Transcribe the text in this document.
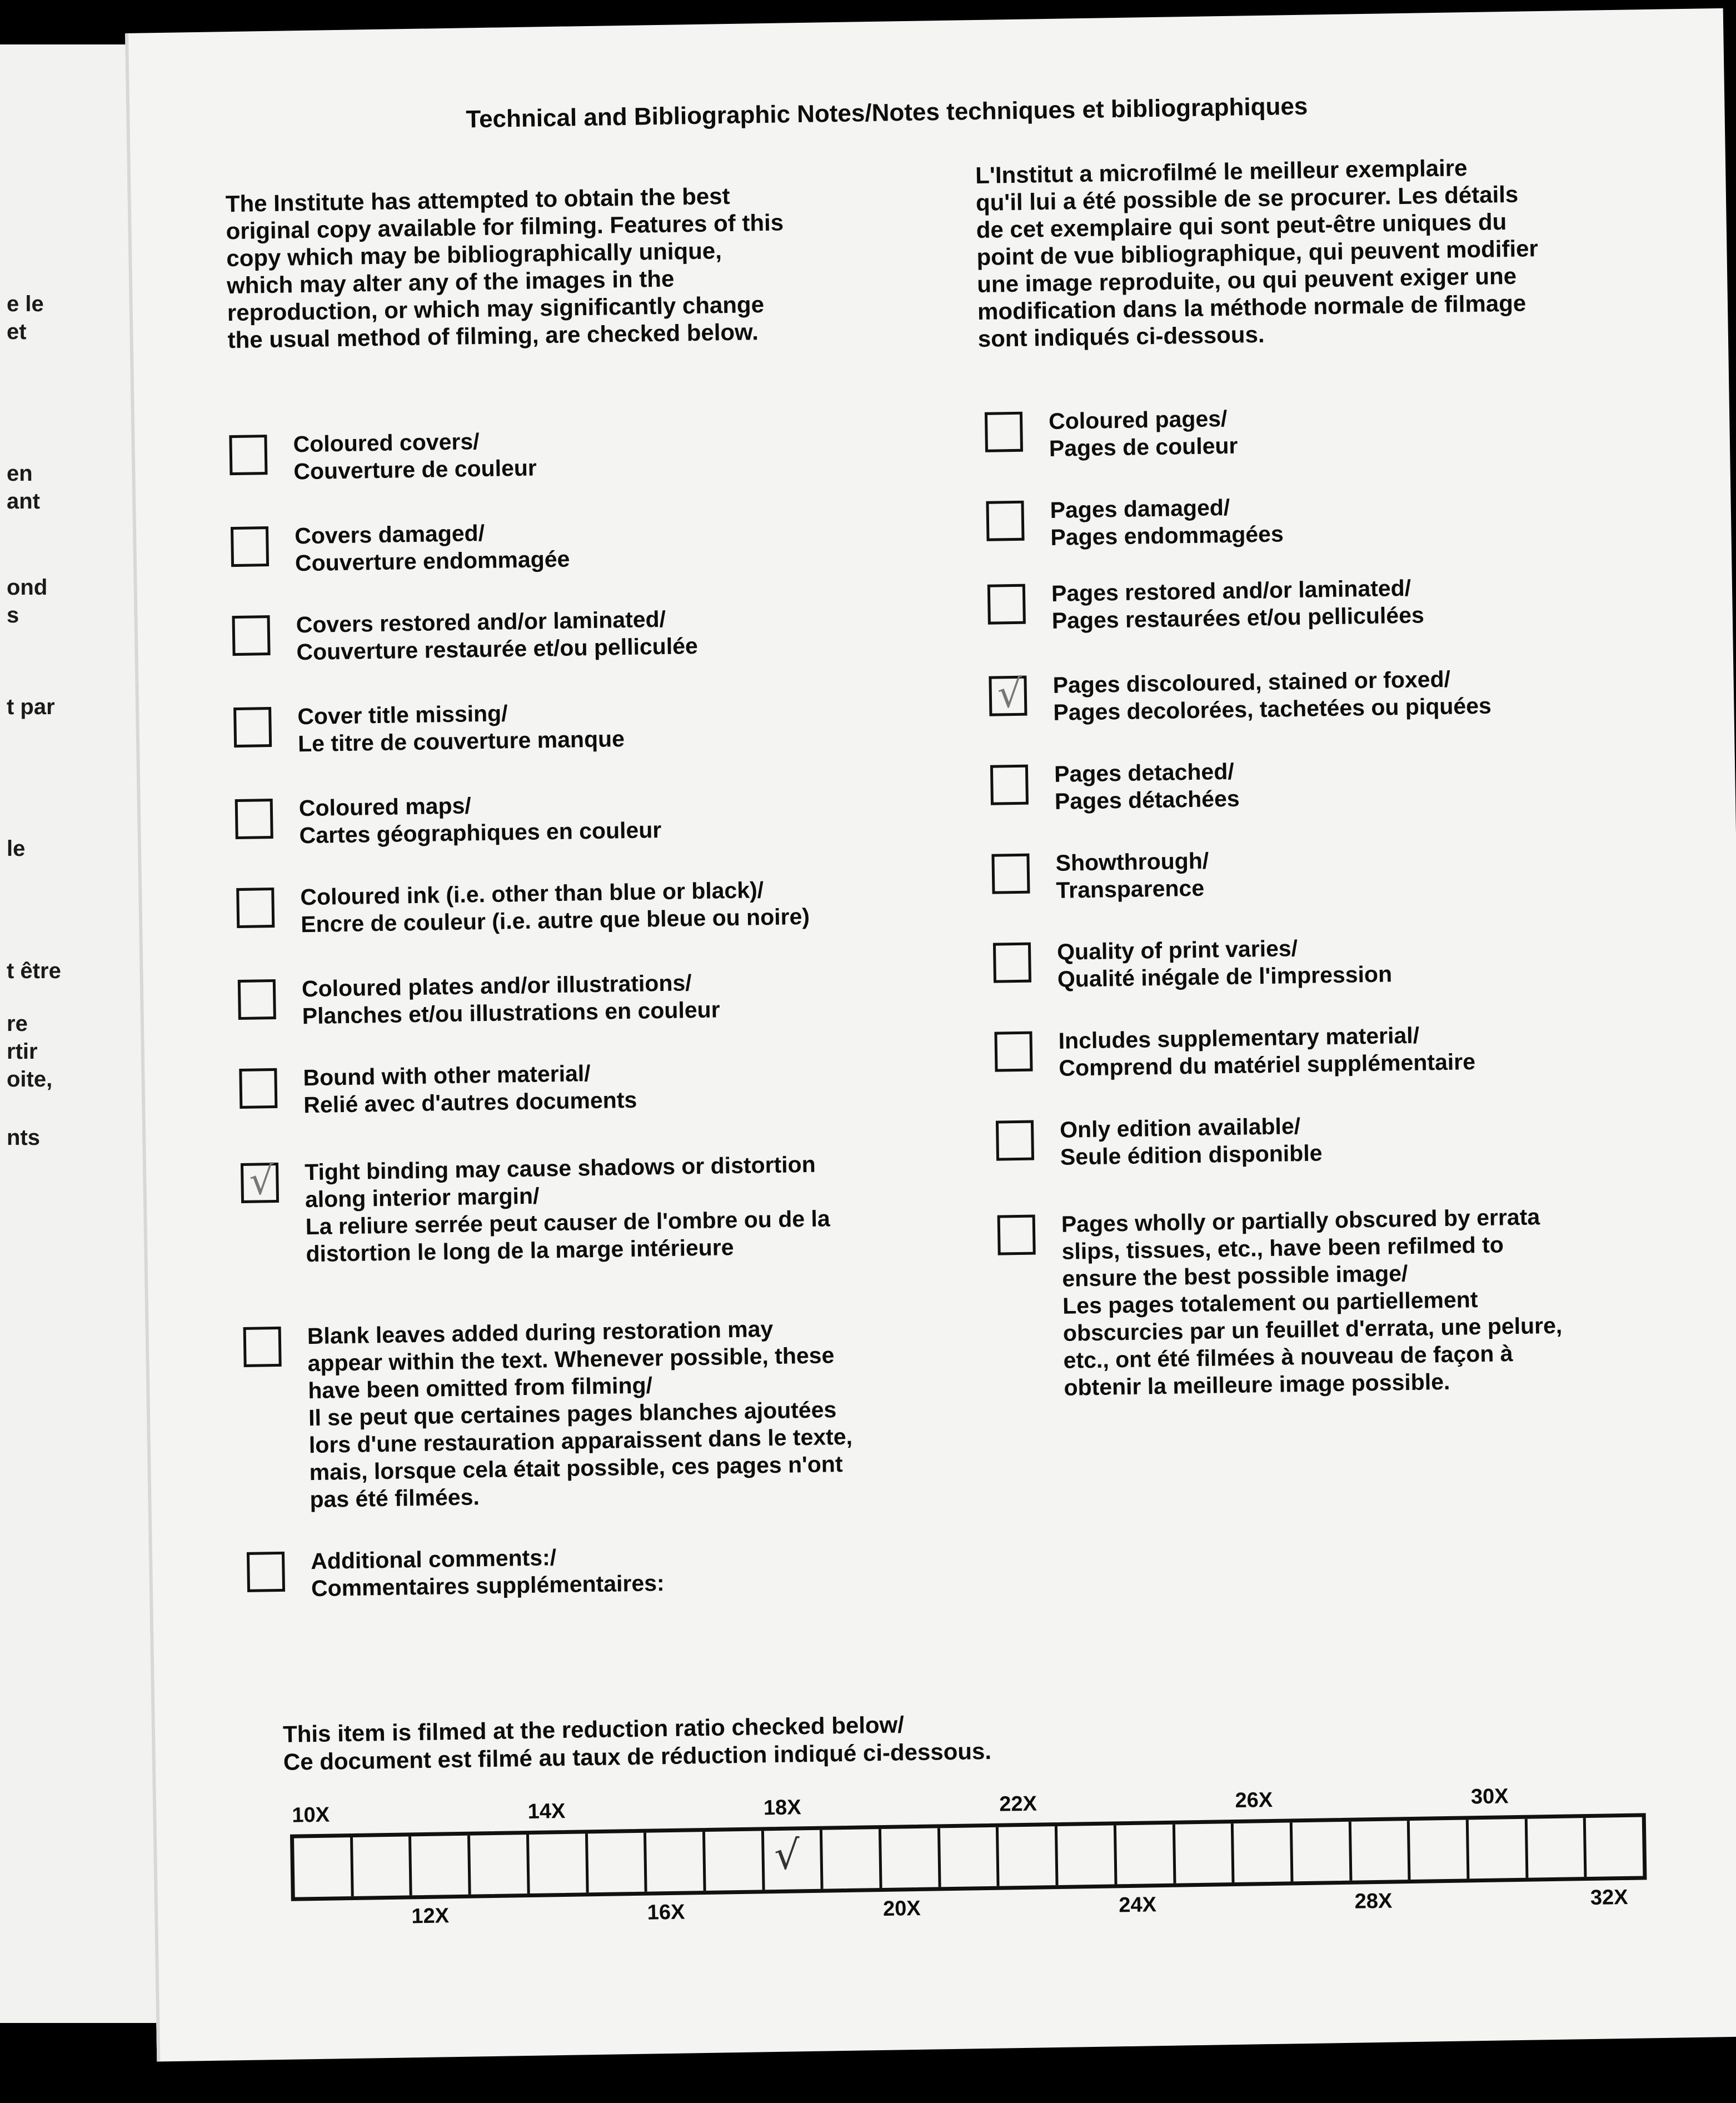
e le
et
en
ant
ond
s
t par
le
t être
re
rtir
oite,
nts
Technical and Bibliographic Notes/Notes techniques et bibliographiques
The Institute has attempted to obtain the best
original copy available for filming. Features of this
copy which may be bibliographically unique,
which may alter any of the images in the
reproduction, or which may significantly change
the usual method of filming, are checked below.
L'Institut a microfilmé le meilleur exemplaire
qu'il lui a été possible de se procurer. Les détails
de cet exemplaire qui sont peut-être uniques du
point de vue bibliographique, qui peuvent modifier
une image reproduite, ou qui peuvent exiger une
modification dans la méthode normale de filmage
sont indiqués ci-dessous.
Coloured covers/
Couverture de couleur
Covers damaged/
Couverture endommagée
Covers restored and/or laminated/
Couverture restaurée et/ou pelliculée
Cover title missing/
Le titre de couverture manque
Coloured maps/
Cartes géographiques en couleur
Coloured ink (i.e. other than blue or black)/
Encre de couleur (i.e. autre que bleue ou noire)
Coloured plates and/or illustrations/
Planches et/ou illustrations en couleur
Bound with other material/
Relié avec d'autres documents
√ Tight binding may cause shadows or distortion
along interior margin/
La reliure serrée peut causer de l'ombre ou de la
distortion le long de la marge intérieure
Blank leaves added during restoration may
appear within the text. Whenever possible, these
have been omitted from filming/
Il se peut que certaines pages blanches ajoutées
lors d'une restauration apparaissent dans le texte,
mais, lorsque cela était possible, ces pages n'ont
pas été filmées.
Additional comments:/
Commentaires supplémentaires:
Coloured pages/
Pages de couleur
Pages damaged/
Pages endommagées
Pages restored and/or laminated/
Pages restaurées et/ou pelliculées
√ Pages discoloured, stained or foxed/
Pages decolorées, tachetées ou piquées
Pages detached/
Pages détachées
Showthrough/
Transparence
Quality of print varies/
Qualité inégale de l'impression
Includes supplementary material/
Comprend du matériel supplémentaire
Only edition available/
Seule édition disponible
Pages wholly or partially obscured by errata
slips, tissues, etc., have been refilmed to
ensure the best possible image/
Les pages totalement ou partiellement
obscurcies par un feuillet d'errata, une pelure,
etc., ont été filmées à nouveau de façon à
obtenir la meilleure image possible.
This item is filmed at the reduction ratio checked below/
Ce document est filmé au taux de réduction indiqué ci-dessous.
10X	14X	18X	22X	26X	30X
12X	16X	20X	24X	28X	32X
√
